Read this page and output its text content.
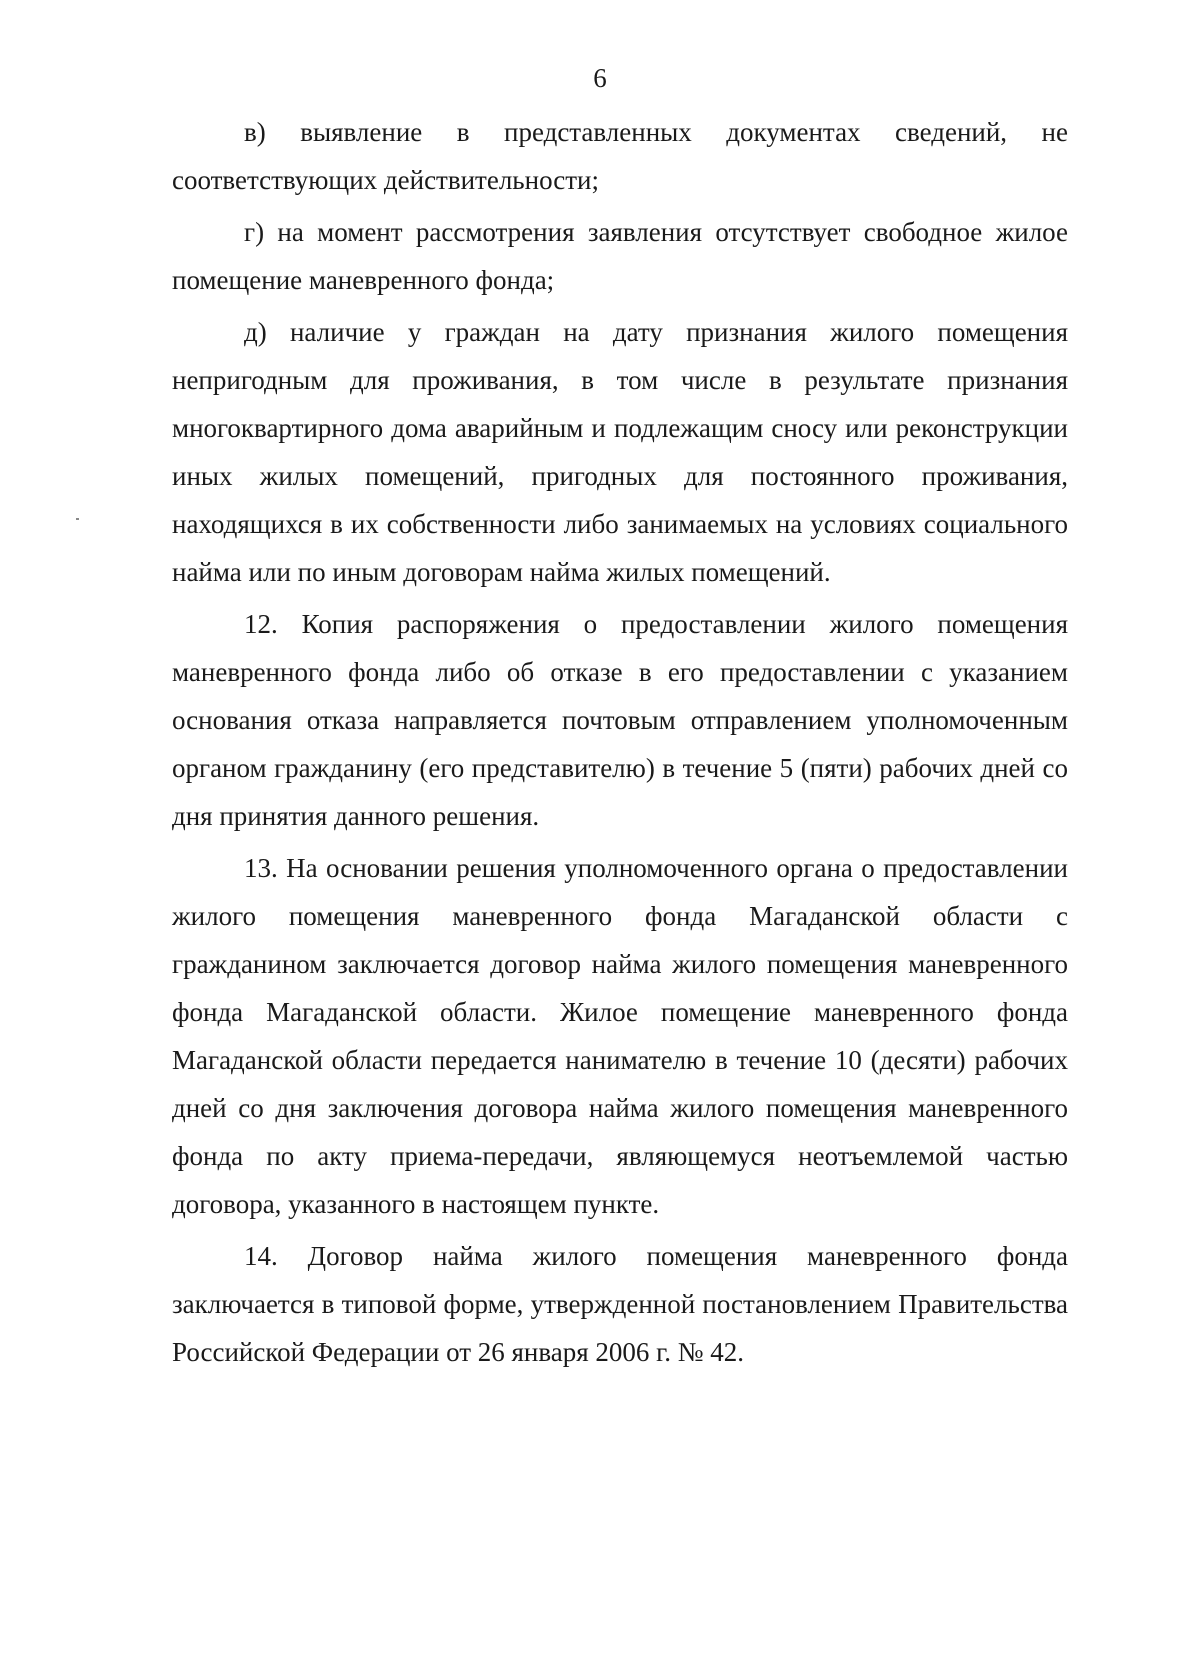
6

в) выявление в представленных документах сведений, не соответствующих действительности;

г) на момент рассмотрения заявления отсутствует свободное жилое помещение маневренного фонда;

д) наличие у граждан на дату признания жилого помещения непригодным для проживания, в том числе в результате признания многоквартирного дома аварийным и подлежащим сносу или реконструкции иных жилых помещений, пригодных для постоянного проживания, находящихся в их собственности либо занимаемых на условиях социального найма или по иным договорам найма жилых помещений.

12. Копия распоряжения о предоставлении жилого помещения маневренного фонда либо об отказе в его предоставлении с указанием основания отказа направляется почтовым отправлением уполномоченным органом гражданину (его представителю) в течение 5 (пяти) рабочих дней со дня принятия данного решения.

13. На основании решения уполномоченного органа о предоставлении жилого помещения маневренного фонда Магаданской области с гражданином заключается договор найма жилого помещения маневренного фонда Магаданской области. Жилое помещение маневренного фонда Магаданской области передается нанимателю в течение 10 (десяти) рабочих дней со дня заключения договора найма жилого помещения маневренного фонда по акту приема-передачи, являющемуся неотъемлемой частью договора, указанного в настоящем пункте.

14. Договор найма жилого помещения маневренного фонда заключается в типовой форме, утвержденной постановлением Правительства Российской Федерации от 26 января 2006 г. № 42.
